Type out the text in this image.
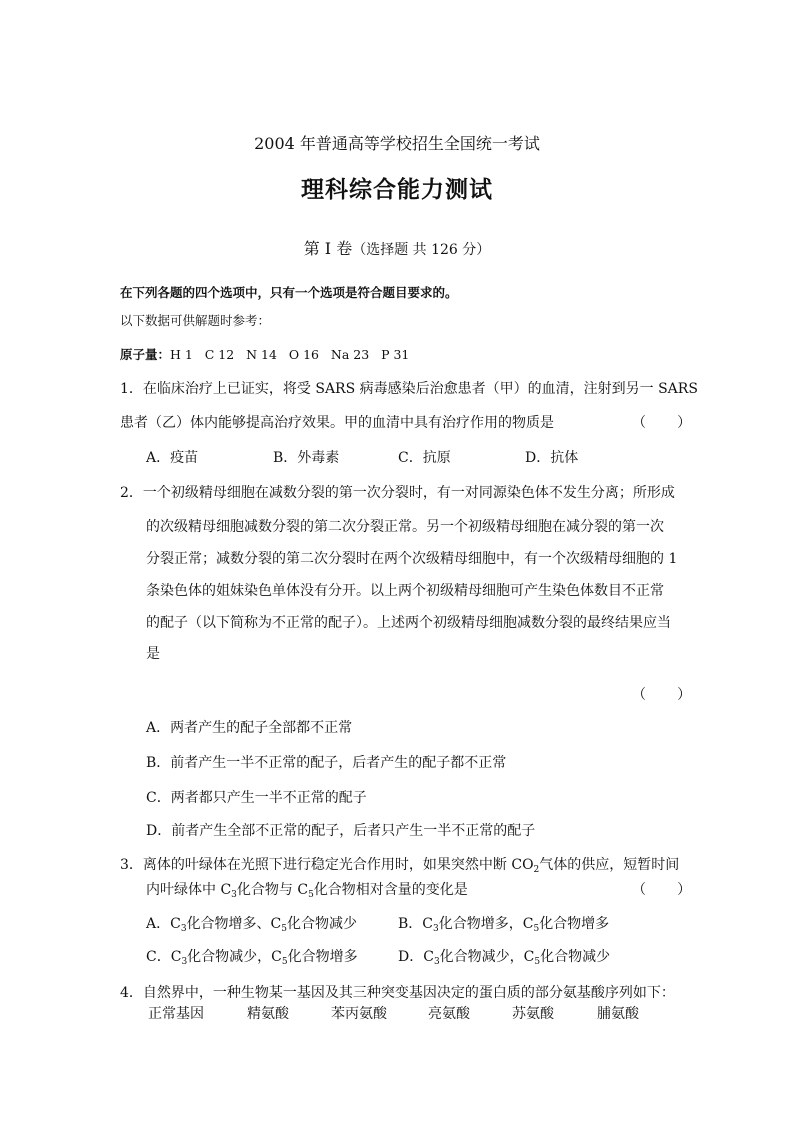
2004 年普通高等学校招生全国统一考试
理科综合能力测试
第 I 卷（选择题 共 126 分）
在下列各题的四个选项中，只有一个选项是符合题目要求的。
以下数据可供解题时参考：
原子量：H 1   C 12   N 14   O 16   Na 23   P 31
1．在临床治疗上已证实，将受 SARS 病毒感染后治愈患者（甲）的血清，注射到另一 SARS
患者（乙）体内能够提高治疗效果。甲的血清中具有治疗作用的物质是	（       ）
A．疫苗	B．外毒素	C．抗原	D．抗体
2．一个初级精母细胞在减数分裂的第一次分裂时，有一对同源染色体不发生分离；所形成
的次级精母细胞减数分裂的第二次分裂正常。另一个初级精母细胞在减分裂的第一次
分裂正常；减数分裂的第二次分裂时在两个次级精母细胞中，有一个次级精母细胞的 1
条染色体的姐妹染色单体没有分开。以上两个初级精母细胞可产生染色体数目不正常
的配子（以下简称为不正常的配子）。上述两个初级精母细胞减数分裂的最终结果应当
是
（       ）
A．两者产生的配子全部都不正常
B．前者产生一半不正常的配子，后者产生的配子都不正常
C．两者都只产生一半不正常的配子
D．前者产生全部不正常的配子，后者只产生一半不正常的配子
3．离体的叶绿体在光照下进行稳定光合作用时，如果突然中断 $CO_2$气体的供应，短暂时间
内叶绿体中 $C_3$化合物与 $C_5$化合物相对含量的变化是	（       ）
A．$C_3$化合物增多、$C_5$化合物减少	B．$C_3$化合物增多，$C_5$化合物增多
C．$C_3$化合物减少，$C_5$化合物增多	D．$C_3$化合物减少，$C_5$化合物减少
4．自然界中，一种生物某一基因及其三种突变基因决定的蛋白质的部分氨基酸序列如下：
正常基因	精氨酸	苯丙氨酸	亮氨酸	苏氨酸	脯氨酸
